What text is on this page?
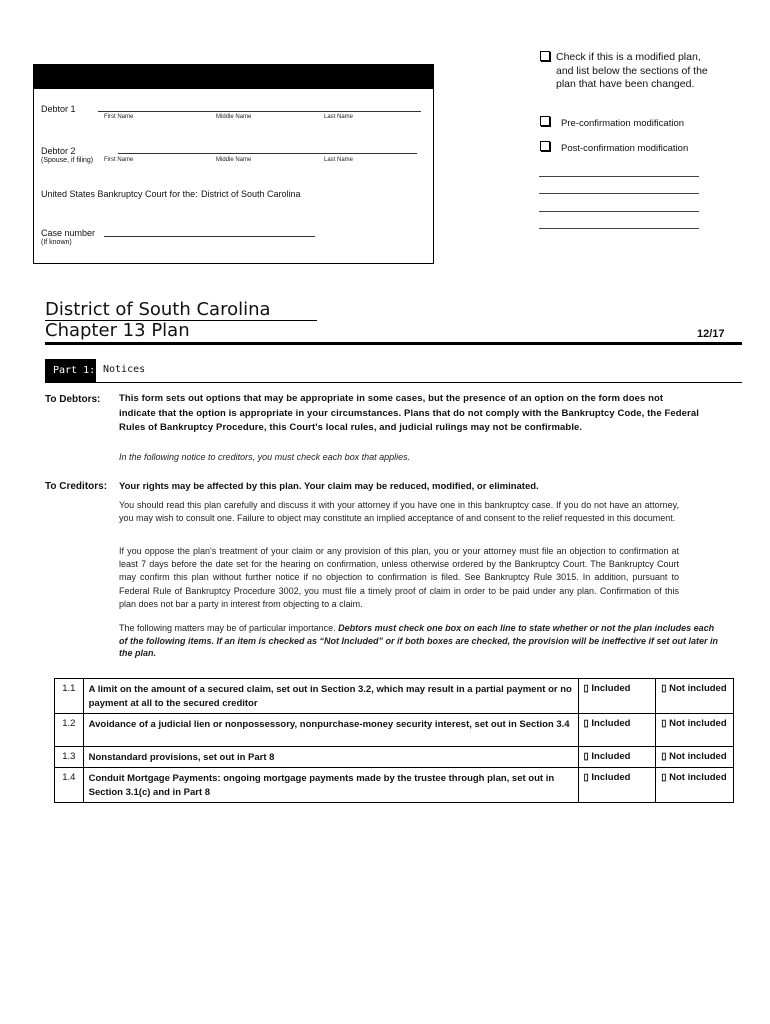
Debtor 1
First Name	Middle Name	Last Name
Debtor 2
(Spouse, if filing) First Name	Middle Name	Last Name
United States Bankruptcy Court for the: District of South Carolina
Case number
(If known)
Check if this is a modified plan, and list below the sections of the plan that have been changed.
Pre-confirmation modification
Post-confirmation modification
District of South Carolina
Chapter 13 Plan	12/17
Part 1: Notices
To Debtors: This form sets out options that may be appropriate in some cases, but the presence of an option on the form does not indicate that the option is appropriate in your circumstances. Plans that do not comply with the Bankruptcy Code, the Federal Rules of Bankruptcy Procedure, this Court's local rules, and judicial rulings may not be confirmable.
In the following notice to creditors, you must check each box that applies.
To Creditors: Your rights may be affected by this plan. Your claim may be reduced, modified, or eliminated.
You should read this plan carefully and discuss it with your attorney if you have one in this bankruptcy case. If you do not have an attorney, you may wish to consult one. Failure to object may constitute an implied acceptance of and consent to the relief requested in this document.
If you oppose the plan's treatment of your claim or any provision of this plan, you or your attorney must file an objection to confirmation at least 7 days before the date set for the hearing on confirmation, unless otherwise ordered by the Bankruptcy Court. The Bankruptcy Court may confirm this plan without further notice if no objection to confirmation is filed. See Bankruptcy Rule 3015. In addition, pursuant to Federal Rule of Bankruptcy Procedure 3002, you must file a timely proof of claim in order to be paid under any plan. Confirmation of this plan does not bar a party in interest from objecting to a claim.
The following matters may be of particular importance. Debtors must check one box on each line to state whether or not the plan includes each of the following items. If an item is checked as “Not Included” or if both boxes are checked, the provision will be ineffective if set out later in the plan.
1.1	A limit on the amount of a secured claim, set out in Section 3.2, which may result in a partial payment or no payment at all to the secured creditor	▯ Included	▯ Not included
1.2	Avoidance of a judicial lien or nonpossessory, nonpurchase-money security interest, set out in Section 3.4	▯ Included	▯ Not included
1.3	Nonstandard provisions, set out in Part 8	▯ Included	▯ Not included
1.4	Conduit Mortgage Payments: ongoing mortgage payments made by the trustee through plan, set out in Section 3.1(c) and in Part 8	▯ Included	▯ Not included
